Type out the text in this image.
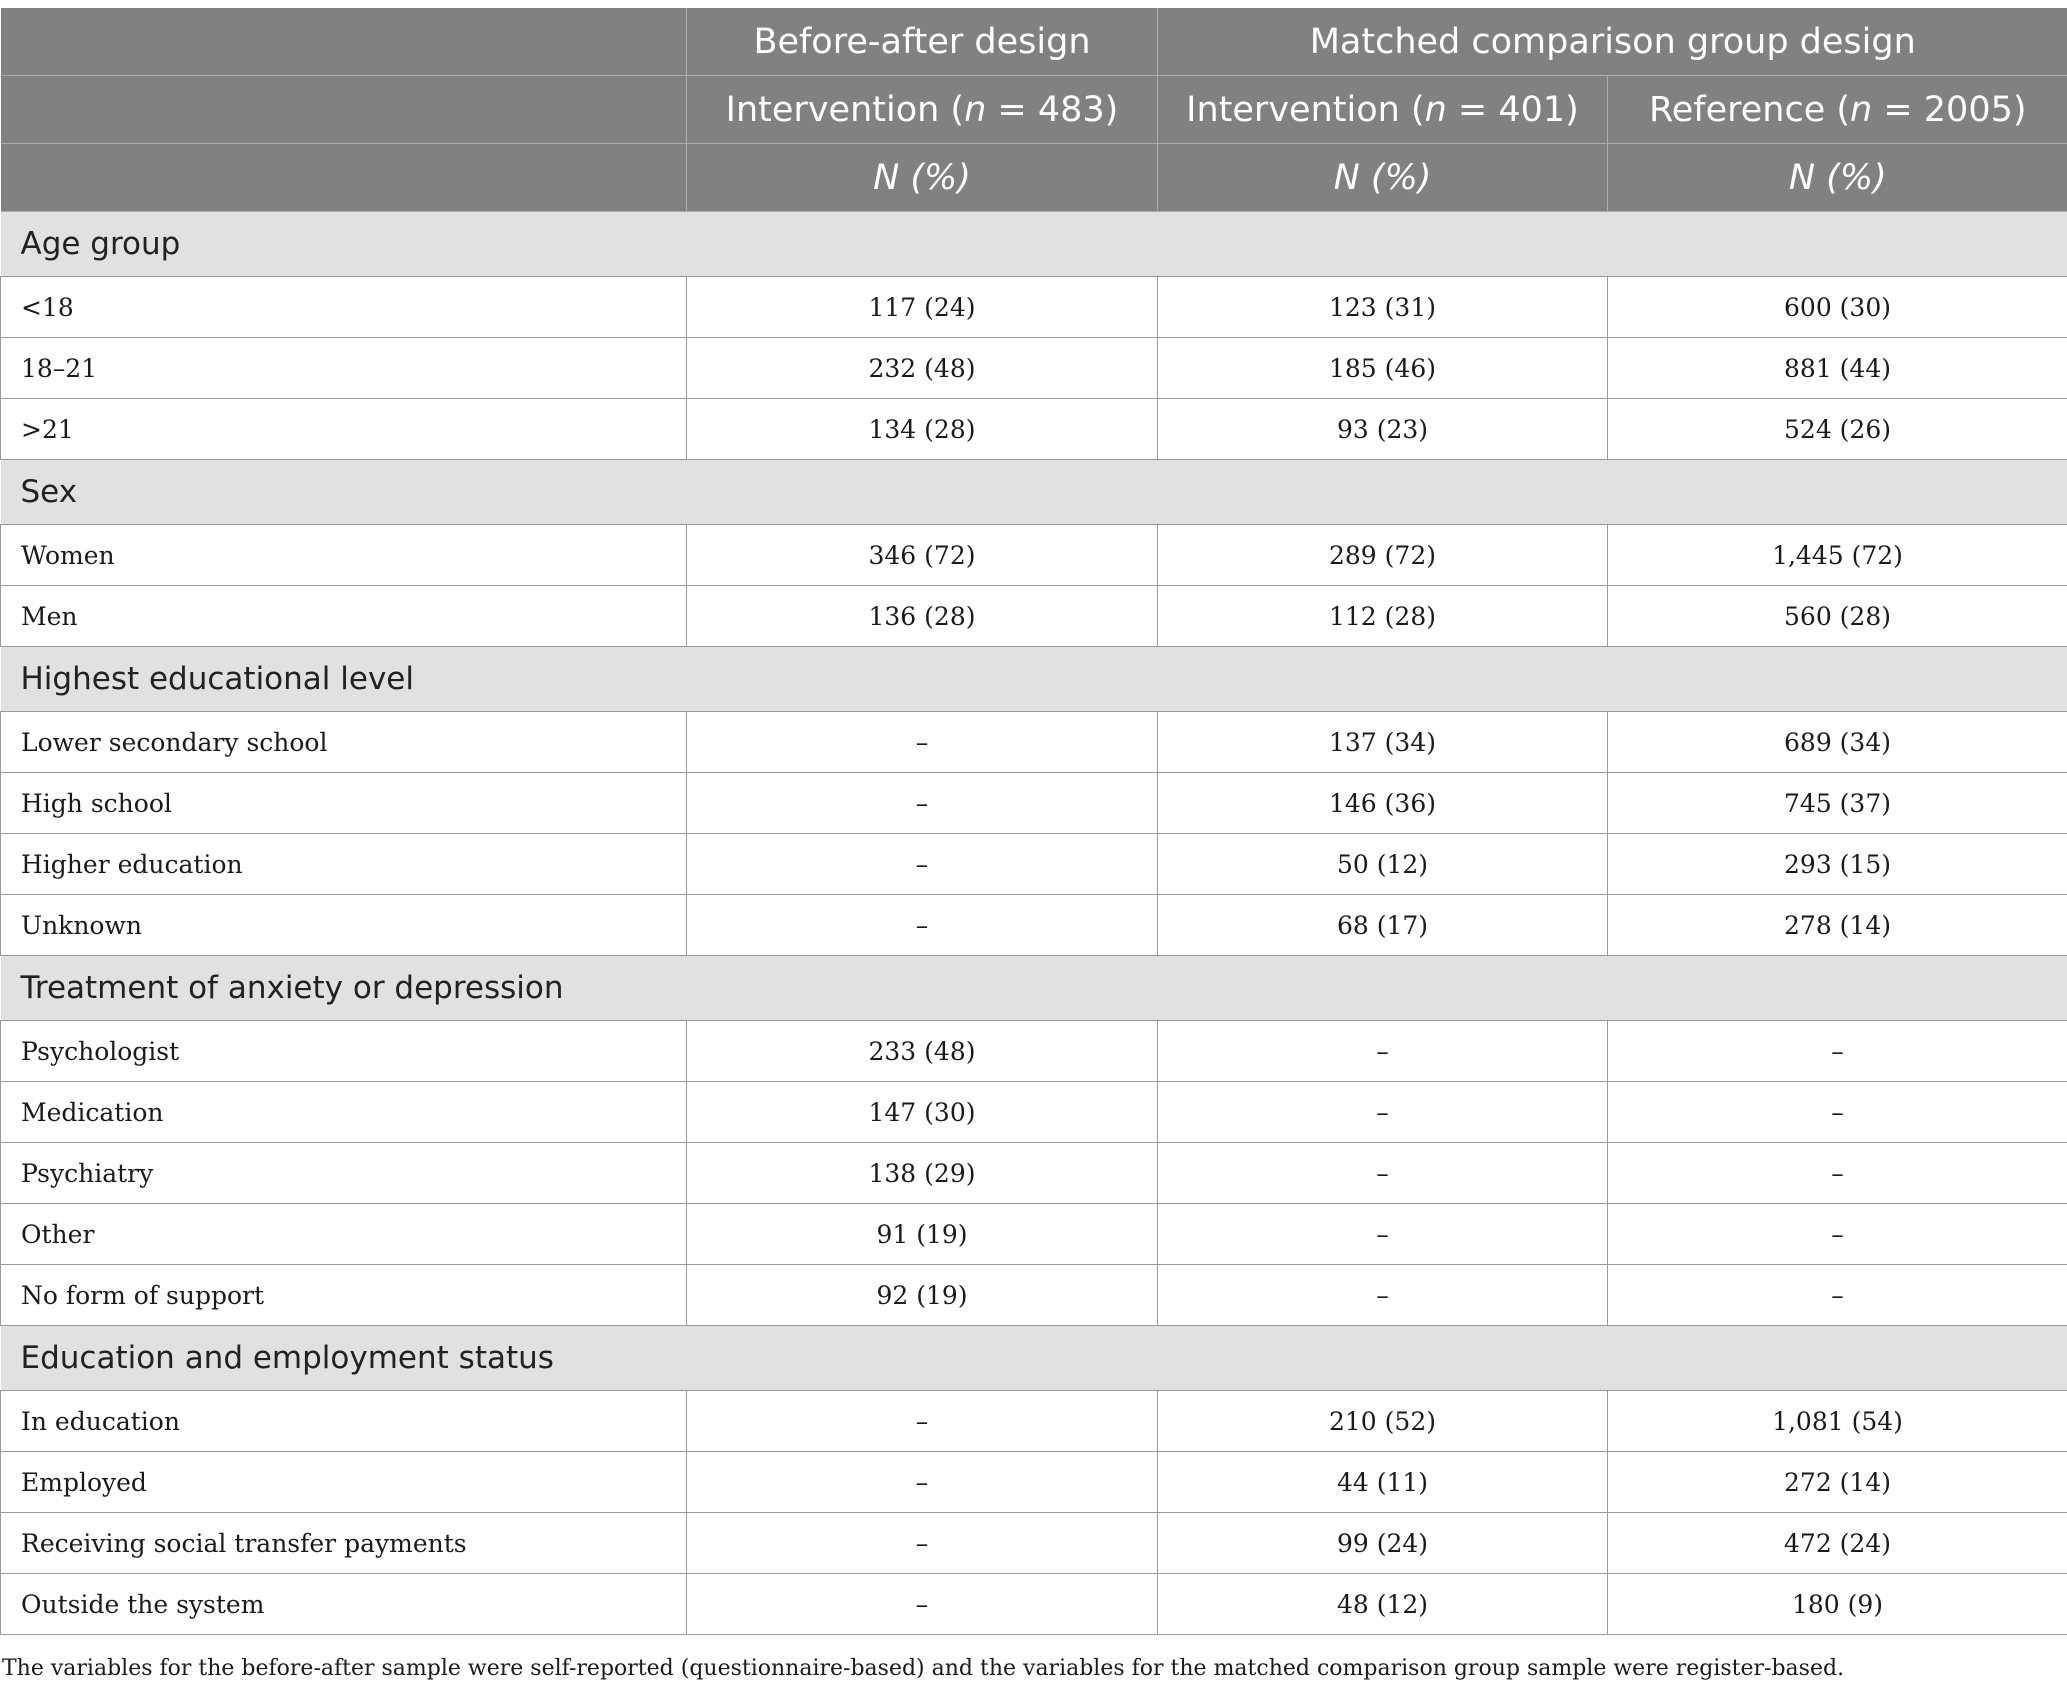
	Before-after design	Matched comparison group design	
	Intervention (n = 483)	Intervention (n = 401)	Reference (n = 2005)
	N (%)	N (%)	N (%)
Age group			
<18	117 (24)	123 (31)	600 (30)
18–21	232 (48)	185 (46)	881 (44)
>21	134 (28)	93 (23)	524 (26)
Sex			
Women	346 (72)	289 (72)	1,445 (72)
Men	136 (28)	112 (28)	560 (28)
Highest educational level			
Lower secondary school	–	137 (34)	689 (34)
High school	–	146 (36)	745 (37)
Higher education	–	50 (12)	293 (15)
Unknown	–	68 (17)	278 (14)
Treatment of anxiety or depression			
Psychologist	233 (48)	–	–
Medication	147 (30)	–	–
Psychiatry	138 (29)	–	–
Other	91 (19)	–	–
No form of support	92 (19)	–	–
Education and employment status			
In education	–	210 (52)	1,081 (54)
Employed	–	44 (11)	272 (14)
Receiving social transfer payments	–	99 (24)	472 (24)
Outside the system	–	48 (12)	180 (9)
The variables for the before-after sample were self-reported (questionnaire-based) and the variables for the matched comparison group sample were register-based.
